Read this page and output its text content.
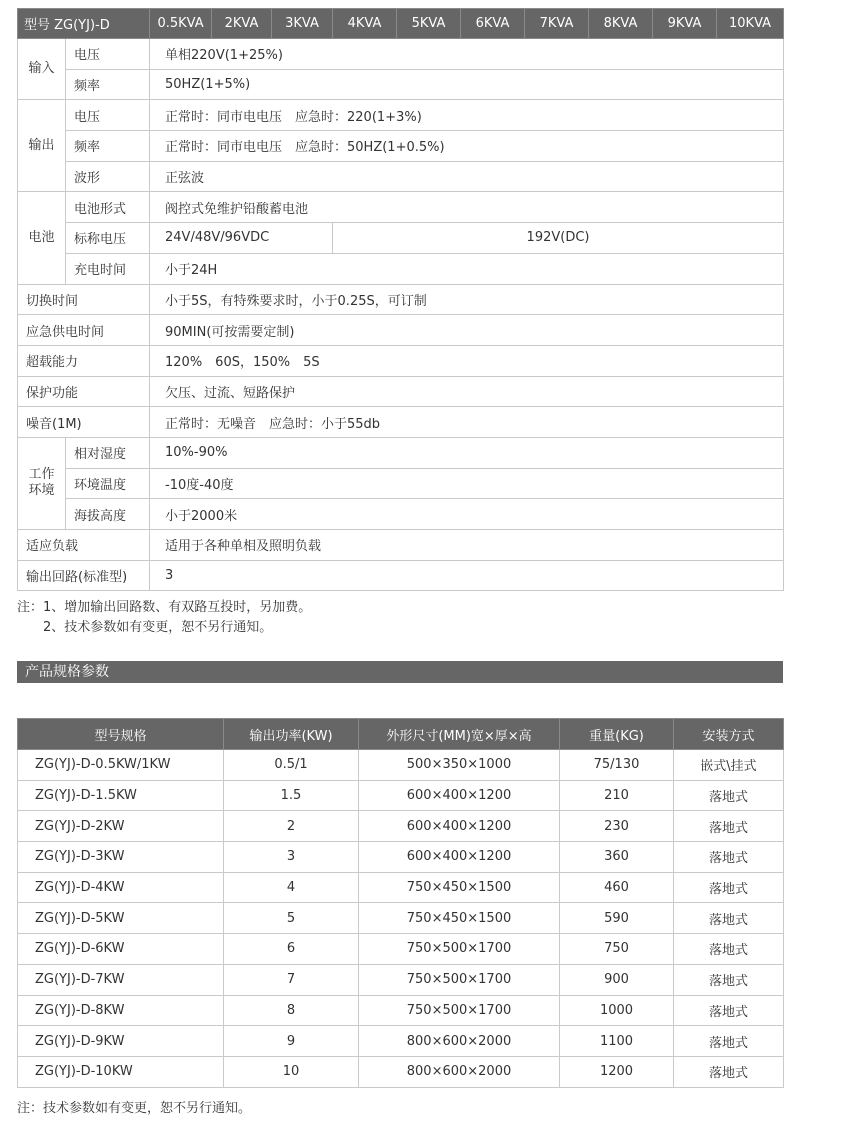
型号 ZG(YJ)-D		0.5KVA	2KVA	3KVA	4KVA	5KVA	6KVA	7KVA	8KVA	9KVA	10KVA
输入	电压	单相220V(1+25%)									
	频率	50HZ(1+5%)									
输出	电压	正常时：同市电电压　应急时：220(1+3%)									
	频率	正常时：同市电电压　应急时：50HZ(1+0.5%)									
	波形	正弦波									
电池	电池形式	阀控式免维护铅酸蓄电池									
	标称电压	24V/48V/96VDC			192V(DC)						
	充电时间	小于24H									
切换时间		小于5S，有特殊要求时，小于0.25S，可订制									
应急供电时间		90MIN(可按需要定制)									
超载能力		120%　60S，150%　5S									
保护功能		欠压、过流、短路保护									
噪音(1M)		正常时：无噪音　应急时：小于55db									
工作
环境	相对湿度	10%-90%									
	环境温度	-10度-40度									
	海拔高度	小于2000米									
适应负载		适用于各种单相及照明负载									
输出回路(标准型)		3									
注：1、增加输出回路数、有双路互投时，另加费。
　　2、技术参数如有变更，恕不另行通知。
产品规格参数
型号规格	输出功率(KW)	外形尺寸(MM)宽×厚×高	重量(KG)	安装方式
ZG(YJ)-D-0.5KW/1KW	0.5/1	500×350×1000	75/130	嵌式\挂式
ZG(YJ)-D-1.5KW	1.5	600×400×1200	210	落地式
ZG(YJ)-D-2KW	2	600×400×1200	230	落地式
ZG(YJ)-D-3KW	3	600×400×1200	360	落地式
ZG(YJ)-D-4KW	4	750×450×1500	460	落地式
ZG(YJ)-D-5KW	5	750×450×1500	590	落地式
ZG(YJ)-D-6KW	6	750×500×1700	750	落地式
ZG(YJ)-D-7KW	7	750×500×1700	900	落地式
ZG(YJ)-D-8KW	8	750×500×1700	1000	落地式
ZG(YJ)-D-9KW	9	800×600×2000	1100	落地式
ZG(YJ)-D-10KW	10	800×600×2000	1200	落地式
注：技术参数如有变更，恕不另行通知。
